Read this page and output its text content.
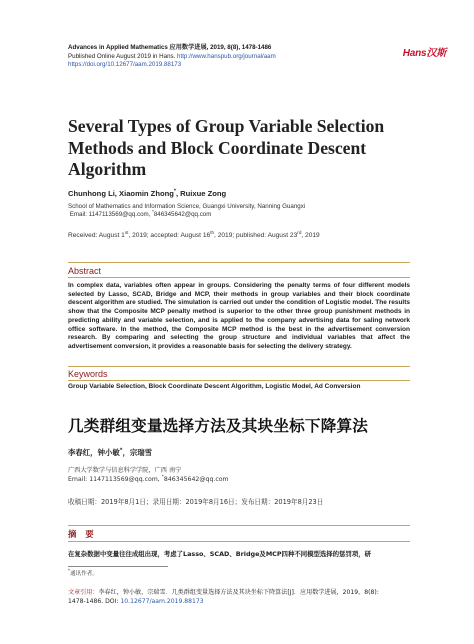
Advances in Applied Mathematics 应用数学进展, 2019, 8(8), 1478-1486
Published Online August 2019 in Hans. http://www.hanspub.org/journal/aam
https://doi.org/10.12677/aam.2019.88173
Hans汉斯
Several Types of Group Variable Selection Methods and Block Coordinate Descent Algorithm
Chunhong Li, Xiaomin Zhong*, Ruixue Zong
School of Mathematics and Information Science, Guangxi University, Nanning Guangxi
Email: 1147113569@qq.com, *846345642@qq.com
Received: August 1st, 2019; accepted: August 16th, 2019; published: August 23rd, 2019
Abstract
In complex data, variables often appear in groups. Considering the penalty terms of four different models selected by Lasso, SCAD, Bridge and MCP, their methods in group variables and their block coordinate descent algorithm are studied. The simulation is carried out under the condition of Logistic model. The results show that the Composite MCP penalty method is superior to the other three group punishment methods in predicting ability and variable selection, and is applied to the company advertising data for saling network office software. In the method, the Composite MCP method is the best in the advertisement conversion research. By comparing and selecting the group structure and individual variables that affect the advertisement conversion, it provides a reasonable basis for selecting the delivery strategy.
Keywords
Group Variable Selection, Block Coordinate Descent Algorithm, Logistic Model, Ad Conversion
几类群组变量选择方法及其块坐标下降算法
李春红，钟小敏*，宗瑞雪
广西大学数学与信息科学学院，广西 南宁
Email: 1147113569@qq.com, *846345642@qq.com
收稿日期：2019年8月1日；录用日期：2019年8月16日；发布日期：2019年8月23日
摘 要
在复杂数据中变量往往成组出现，考虑了Lasso、SCAD、Bridge及MCP四种不同模型选择的惩罚项，研
*通讯作者。
文章引用：李春红，钟小敏，宗瑞雪．几类群组变量选择方法及其块坐标下降算法[J]．应用数学进展，2019，8(8):
1478-1486. DOI: 10.12677/aam.2019.88173
